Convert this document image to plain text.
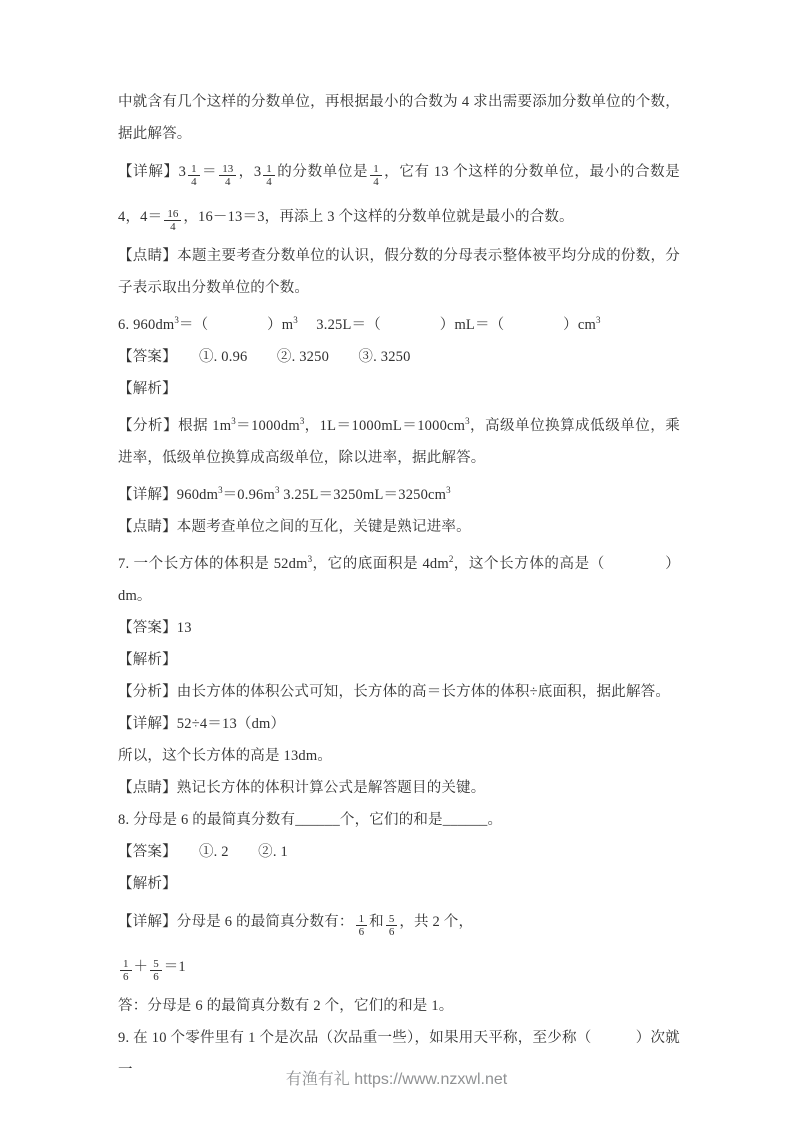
中就含有几个这样的分数单位，再根据最小的合数为 4 求出需要添加分数单位的个数，据此解答。

【详解】$3 \frac{1}{4} = \frac{13}{4}$ ，$3 \frac{1}{4}$ 的分数单位是 $\frac{1}{4}$ ，它有 13 个这样的分数单位，最小的合数是 4，$4= \frac{16}{4}$ ，16－13＝3，再添上 3 个这样的分数单位就是最小的合数。

【点睛】本题主要考查分数单位的认识，假分数的分母表示整体被平均分成的份数，分子表示取出分数单位的个数。

6. $960dm^3=$（　　　　）$m^3$　 3.25L＝（　　　　）mL＝（　　　　）$cm^3$

【答案】　　①. 0.96　　②. 3250　　③. 3250

【解析】

【分析】根据 $1m^3=1000dm^3$，$1L=1000mL=1000cm^3$，高级单位换算成低级单位，乘进率，低级单位换算成高级单位，除以进率，据此解答。

【详解】$960dm^3=0.96m^3$ $3.25L=3250mL=3250cm^3$

【点睛】本题考查单位之间的互化，关键是熟记进率。

7. 一个长方体的体积是 $52dm^3$，它的底面积是 $4dm^2$，这个长方体的高是（　　　　）dm。

【答案】13

【解析】

【分析】由长方体的体积公式可知，长方体的高＝长方体的体积÷底面积，据此解答。

【详解】52÷4＝13（dm）

所以，这个长方体的高是 13dm。

【点睛】熟记长方体的体积计算公式是解答题目的关键。

8. 分母是 6 的最简真分数有______个，它们的和是______。

【答案】　　①. 2　　②. 1

【解析】

【详解】分母是 6 的最简真分数有： $\frac{1}{6}$ 和 $\frac{5}{6}$ ，共 2 个，

$\frac{1}{6} + \frac{5}{6} =1$

答：分母是 6 的最简真分数有 2 个，它们的和是 1。

9. 在 10 个零件里有 1 个是次品（次品重一些），如果用天平称，至少称（　　　）次就一

有渔有礼 https://www.nzxwl.net
